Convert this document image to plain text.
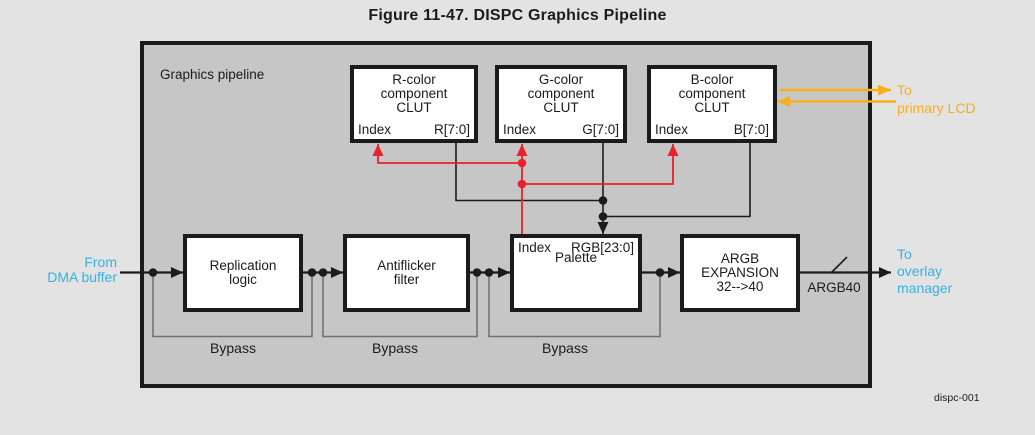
Figure 11-47. DISPC Graphics Pipeline
Graphics pipeline	R-color
component
CLUT
Index	R[7:0]
G-color
component
CLUT
Index	G[7:0]
B-color
component
CLUT
Index	B[7:0]
Replication
logic
Antiflicker
filter
Index RGB[23:0]
Palette	ARGB
EXPANSION
32-->40
Bypass	Bypass	Bypass
From
DMA buffer
To
primary LCD
To
overlay
manager
ARGB40
dispc-001
